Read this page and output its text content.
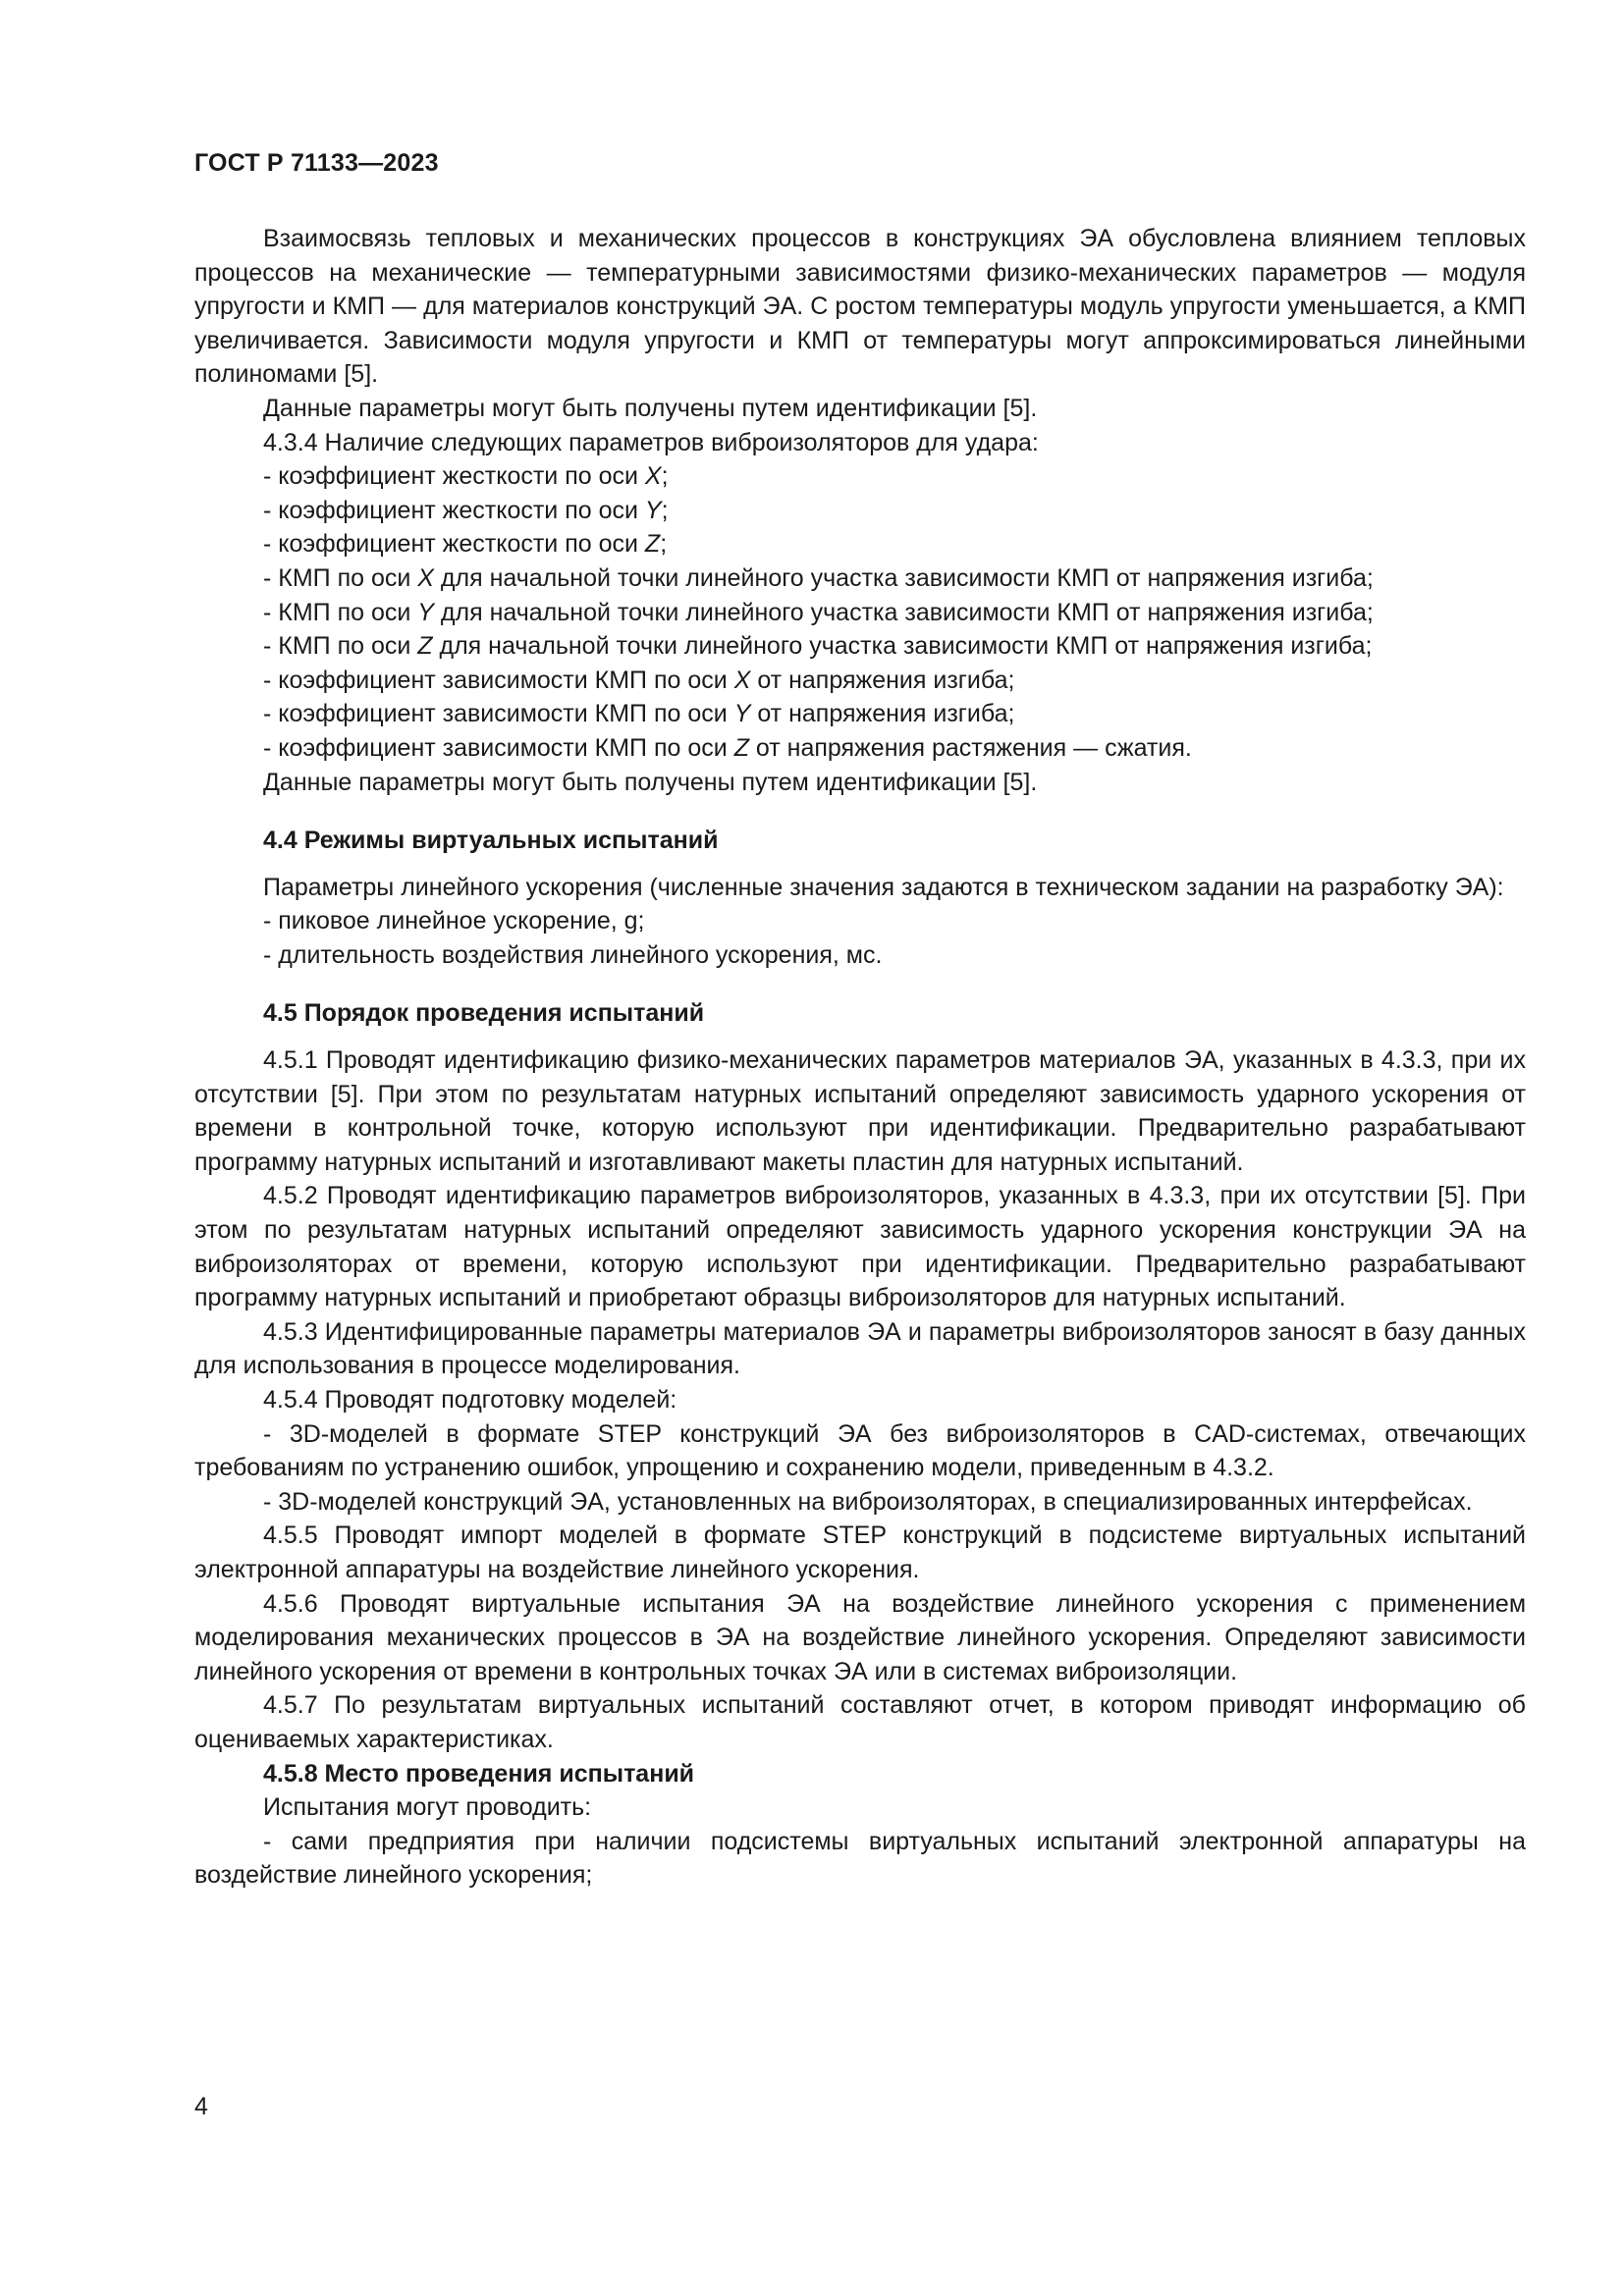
ГОСТ Р 71133—2023

Взаимосвязь тепловых и механических процессов в конструкциях ЭА обусловлена влиянием тепловых процессов на механические — температурными зависимостями физико-механических параметров — модуля упругости и КМП — для материалов конструкций ЭА. С ростом температуры модуль упругости уменьшается, а КМП увеличивается. Зависимости модуля упругости и КМП от температуры могут аппроксимироваться линейными полиномами [5].

Данные параметры могут быть получены путем идентификации [5].

4.3.4 Наличие следующих параметров виброизоляторов для удара:

- коэффициент жесткости по оси X;

- коэффициент жесткости по оси Y;

- коэффициент жесткости по оси Z;

- КМП по оси X для начальной точки линейного участка зависимости КМП от напряжения изгиба;

- КМП по оси Y для начальной точки линейного участка зависимости КМП от напряжения изгиба;

- КМП по оси Z для начальной точки линейного участка зависимости КМП от напряжения изгиба;

- коэффициент зависимости КМП по оси X от напряжения изгиба;

- коэффициент зависимости КМП по оси Y от напряжения изгиба;

- коэффициент зависимости КМП по оси Z от напряжения растяжения — сжатия.

Данные параметры могут быть получены путем идентификации [5].

4.4 Режимы виртуальных испытаний

Параметры линейного ускорения (численные значения задаются в техническом задании на разработку ЭА):

- пиковое линейное ускорение, g;

- длительность воздействия линейного ускорения, мс.

4.5 Порядок проведения испытаний

4.5.1 Проводят идентификацию физико-механических параметров материалов ЭА, указанных в 4.3.3, при их отсутствии [5]. При этом по результатам натурных испытаний определяют зависимость ударного ускорения от времени в контрольной точке, которую используют при идентификации. Предварительно разрабатывают программу натурных испытаний и изготавливают макеты пластин для натурных испытаний.

4.5.2 Проводят идентификацию параметров виброизоляторов, указанных в 4.3.3, при их отсутствии [5]. При этом по результатам натурных испытаний определяют зависимость ударного ускорения конструкции ЭА на виброизоляторах от времени, которую используют при идентификации. Предварительно разрабатывают программу натурных испытаний и приобретают образцы виброизоляторов для натурных испытаний.

4.5.3 Идентифицированные параметры материалов ЭА и параметры виброизоляторов заносят в базу данных для использования в процессе моделирования.

4.5.4 Проводят подготовку моделей:

- 3D-моделей в формате STEP конструкций ЭА без виброизоляторов в CAD-системах, отвечающих требованиям по устранению ошибок, упрощению и сохранению модели, приведенным в 4.3.2.

- 3D-моделей конструкций ЭА, установленных на виброизоляторах, в специализированных интерфейсах.

4.5.5 Проводят импорт моделей в формате STEP конструкций в подсистеме виртуальных испытаний электронной аппаратуры на воздействие линейного ускорения.

4.5.6 Проводят виртуальные испытания ЭА на воздействие линейного ускорения с применением моделирования механических процессов в ЭА на воздействие линейного ускорения. Определяют зависимости линейного ускорения от времени в контрольных точках ЭА или в системах виброизоляции.

4.5.7 По результатам виртуальных испытаний составляют отчет, в котором приводят информацию об оцениваемых характеристиках.

4.5.8 Место проведения испытаний

Испытания могут проводить:

- сами предприятия при наличии подсистемы виртуальных испытаний электронной аппаратуры на воздействие линейного ускорения;

4
